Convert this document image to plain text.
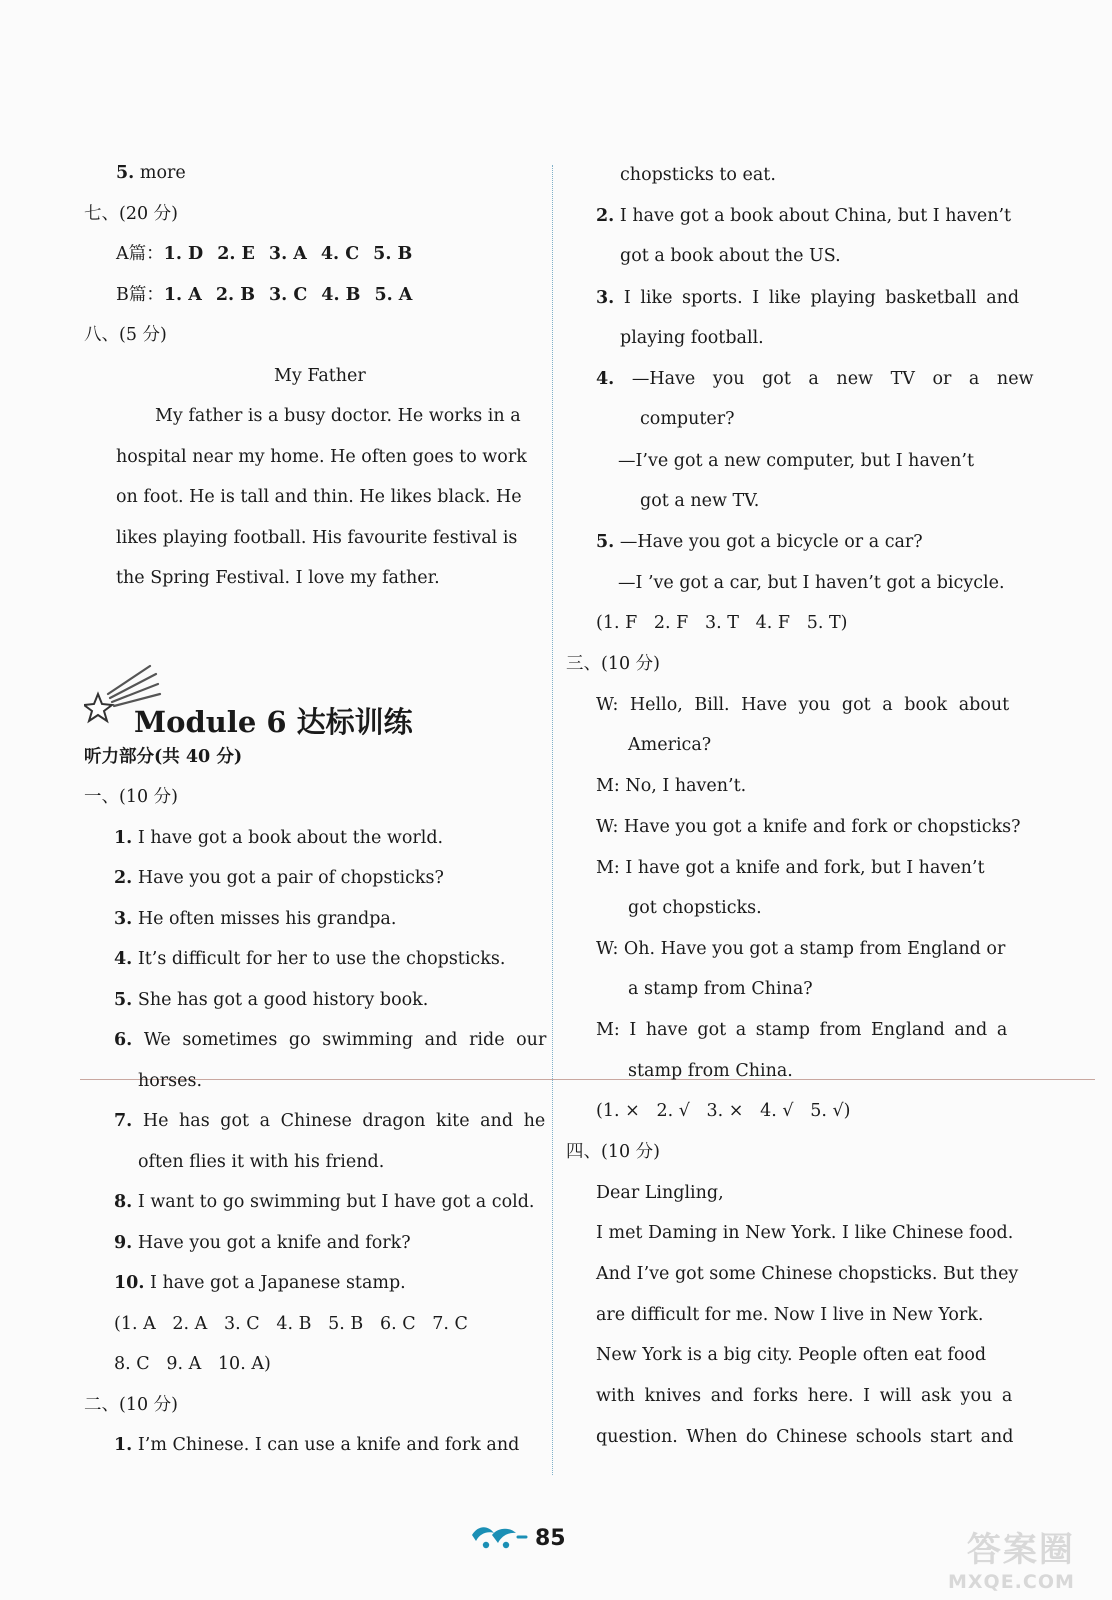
5. more
七、(20 分)
A篇：1. D 2. E 3. A 4. C 5. B
B篇：1. A 2. B 3. C 4. B 5. A
八、(5 分)
My Father
My father is a busy doctor. He works in a
hospital near my home. He often goes to work
on foot. He is tall and thin. He likes black. He
likes playing football. His favourite festival is
the Spring Festival. I love my father.
Module 6 达标训练
听力部分(共 40 分)
一、(10 分)
1. I have got a book about the world.
2. Have you got a pair of chopsticks?
3. He often misses his grandpa.
4. It’s difficult for her to use the chopsticks.
5. She has got a good history book.
6. We sometimes go swimming and ride our
horses.
7. He has got a Chinese dragon kite and he
often flies it with his friend.
8. I want to go swimming but I have got a cold.
9. Have you got a knife and fork?
10. I have got a Japanese stamp.
(1. A   2. A   3. C   4. B   5. B   6. C   7. C
8. C   9. A   10. A)
二、(10 分)
1. I’m Chinese. I can use a knife and fork and
chopsticks to eat.
2. I have got a book about China, but I haven’t
got a book about the US.
3. I like sports. I like playing basketball and
playing football.
4. —Have you got a new TV or a new
computer?
—I’ve got a new computer, but I haven’t
got a new TV.
5. —Have you got a bicycle or a car?
—I ’ve got a car, but I haven’t got a bicycle.
(1. F   2. F   3. T   4. F   5. T)
三、(10 分)
W: Hello, Bill. Have you got a book about
America?
M: No, I haven’t.
W: Have you got a knife and fork or chopsticks?
M: I have got a knife and fork, but I haven’t
got chopsticks.
W: Oh. Have you got a stamp from England or
a stamp from China?
M: I have got a stamp from England and a
stamp from China.
(1. ×   2. √   3. ×   4. √   5. √)
四、(10 分)
Dear Lingling,
I met Daming in New York. I like Chinese food.
And I’ve got some Chinese chopsticks. But they
are difficult for me. Now I live in New York.
New York is a big city. People often eat food
with knives and forks here. I will ask you a
question. When do Chinese schools start and
85	答案圈
MXQE.COM
